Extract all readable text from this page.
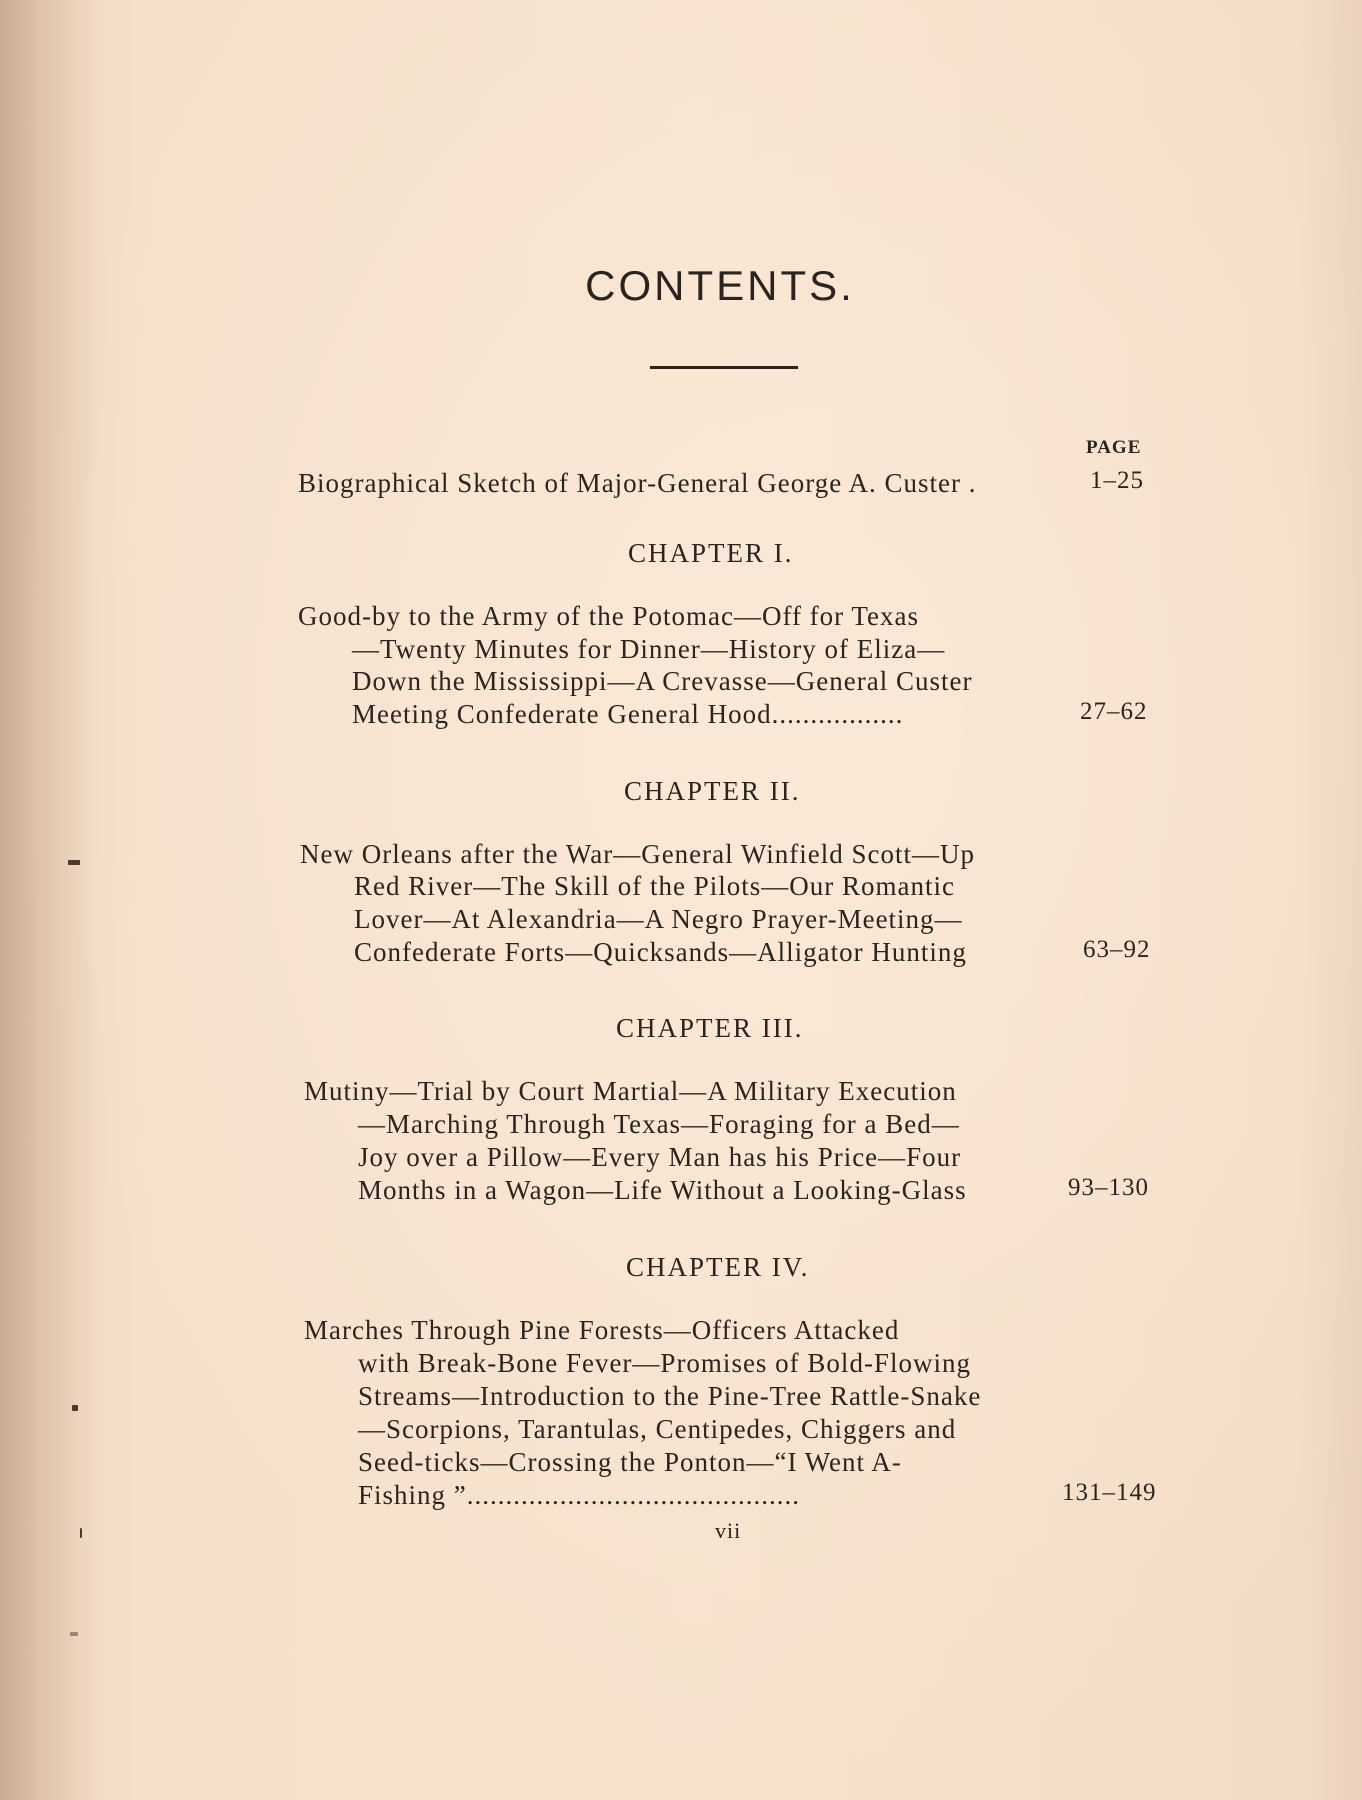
CONTENTS.
PAGE
Biographical Sketch of Major-General George A. Custer .	1–25
CHAPTER I.
Good-by to the Army of the Potomac—Off for Texas
—Twenty Minutes for Dinner—History of Eliza—
Down the Mississippi—A Crevasse—General Custer
Meeting Confederate General Hood.................	27–62
CHAPTER II.
New Orleans after the War—General Winfield Scott—Up
Red River—The Skill of the Pilots—Our Romantic
Lover—At Alexandria—A Negro Prayer-Meeting—
Confederate Forts—Quicksands—Alligator Hunting	63–92
CHAPTER III.
Mutiny—Trial by Court Martial—A Military Execution
—Marching Through Texas—Foraging for a Bed—
Joy over a Pillow—Every Man has his Price—Four
Months in a Wagon—Life Without a Looking-Glass	93–130
CHAPTER IV.
Marches Through Pine Forests—Officers Attacked
with Break-Bone Fever—Promises of Bold-Flowing
Streams—Introduction to the Pine-Tree Rattle-Snake
—Scorpions, Tarantulas, Centipedes, Chiggers and
Seed-ticks—Crossing the Ponton—“I Went A-
Fishing ”...........................................	131–149
vii
